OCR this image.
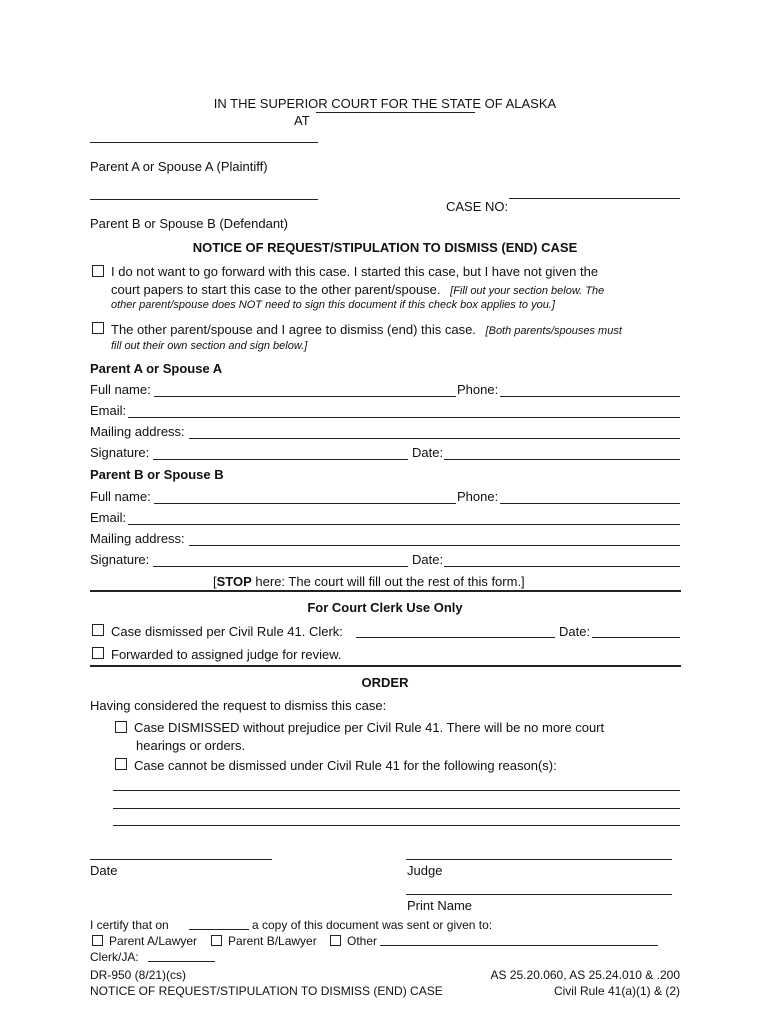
IN THE SUPERIOR COURT FOR THE STATE OF ALASKA
AT
Parent A or Spouse A (Plaintiff)
Parent B or Spouse B (Defendant)
CASE NO:
NOTICE OF REQUEST/STIPULATION TO DISMISS (END) CASE
I do not want to go forward with this case. I started this case, but I have not given the
court papers to start this case to the other parent/spouse. [Fill out your section below. The
other parent/spouse does NOT need to sign this document if this check box applies to you.]
The other parent/spouse and I agree to dismiss (end) this case. [Both parents/spouses must
fill out their own section and sign below.]
Parent A or Spouse A
Full name:	Phone:
Email:
Mailing address:
Signature:	Date:
Parent B or Spouse B
Full name:	Phone:
Email:
Mailing address:
Signature:	Date:
[STOP here: The court will fill out the rest of this form.]
For Court Clerk Use Only
Case dismissed per Civil Rule 41. Clerk:	Date:
Forwarded to assigned judge for review.
ORDER
Having considered the request to dismiss this case:
Case DISMISSED without prejudice per Civil Rule 41. There will be no more court
hearings or orders.
Case cannot be dismissed under Civil Rule 41 for the following reason(s):
Date	Judge
Print Name
I certify that on	a copy of this document was sent or given to:
Parent A/Lawyer	Parent B/Lawyer	Other
Clerk/JA:
DR-950 (8/21)(cs)
NOTICE OF REQUEST/STIPULATION TO DISMISS (END) CASE
AS 25.20.060, AS 25.24.010 & .200
Civil Rule 41(a)(1) & (2)
